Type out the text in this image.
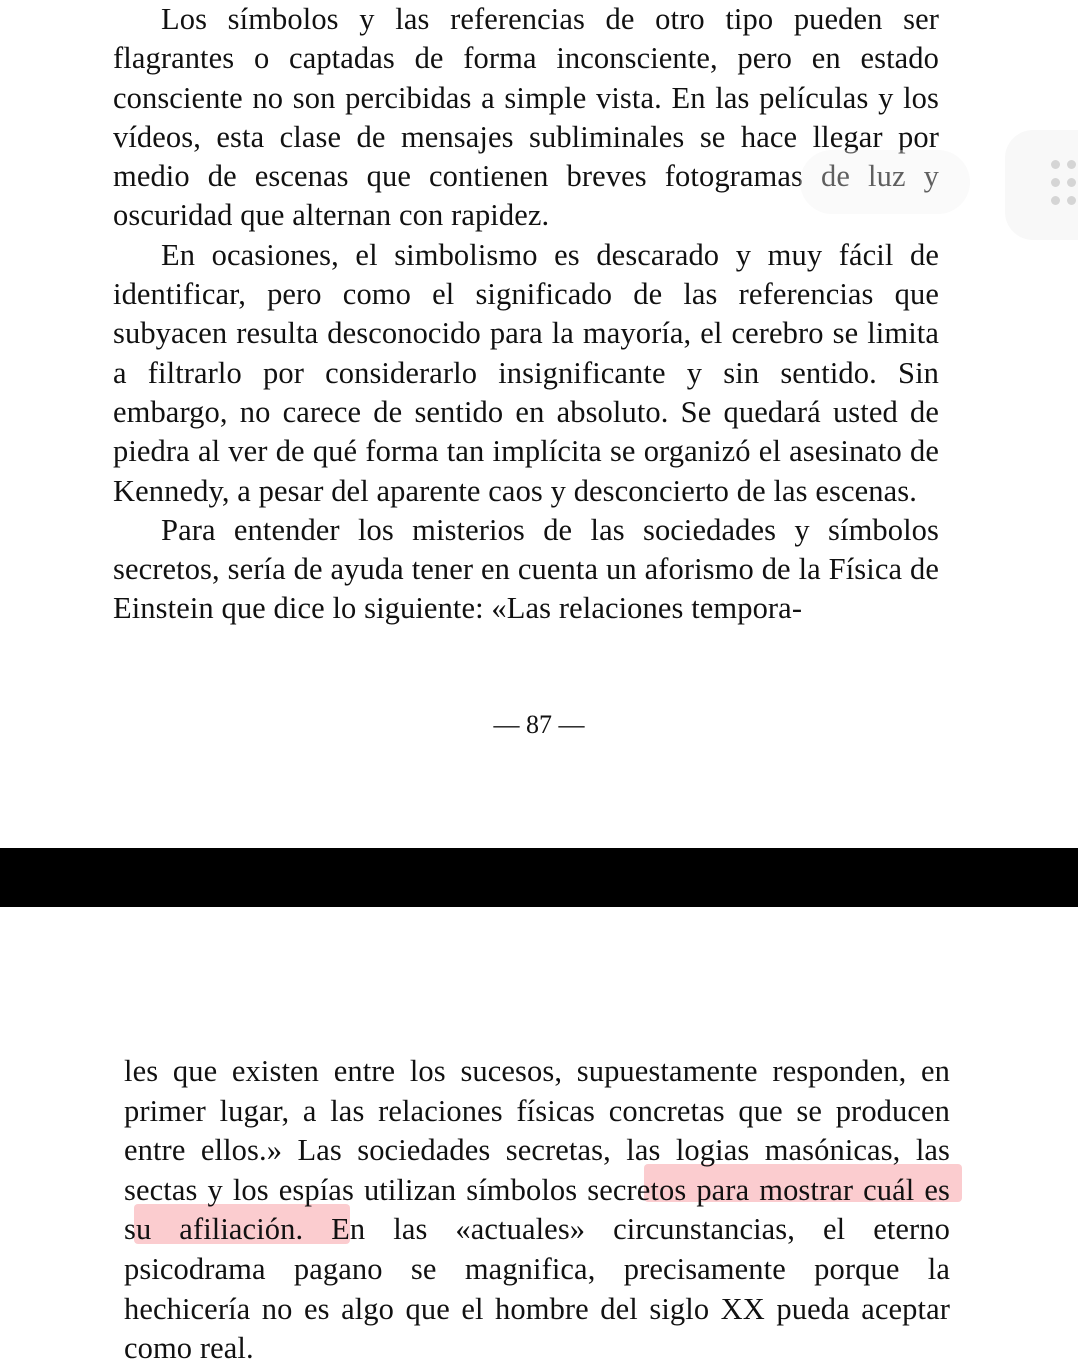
Los símbolos y las referencias de otro tipo pueden ser flagrantes o captadas de forma inconsciente, pero en estado consciente no son percibidas a simple vista. En las películas y los vídeos, esta clase de mensajes subliminales se hace llegar por medio de escenas que contienen breves fotogramas de luz y oscuridad que alternan con rapidez.

En ocasiones, el simbolismo es descarado y muy fácil de identificar, pero como el significado de las referencias que subyacen resulta desconocido para la mayoría, el cerebro se limita a filtrarlo por considerarlo insignificante y sin sentido. Sin embargo, no carece de sentido en absoluto. Se quedará usted de piedra al ver de qué forma tan implícita se organizó el asesinato de Kennedy, a pesar del aparente caos y desconcierto de las escenas.

Para entender los misterios de las sociedades y símbolos secretos, sería de ayuda tener en cuenta un aforismo de la Física de Einstein que dice lo siguiente: «Las relaciones tempora-

— 87 —

les que existen entre los sucesos, supuestamente responden, en primer lugar, a las relaciones físicas concretas que se producen entre ellos.» Las sociedades secretas, las logias masónicas, las sectas y los espías utilizan símbolos secretos para mostrar cuál es su afiliación. En las «actuales» circunstancias, el eterno psicodrama pagano se magnifica, precisamente porque la hechicería no es algo que el hombre del siglo XX pueda aceptar como real.
